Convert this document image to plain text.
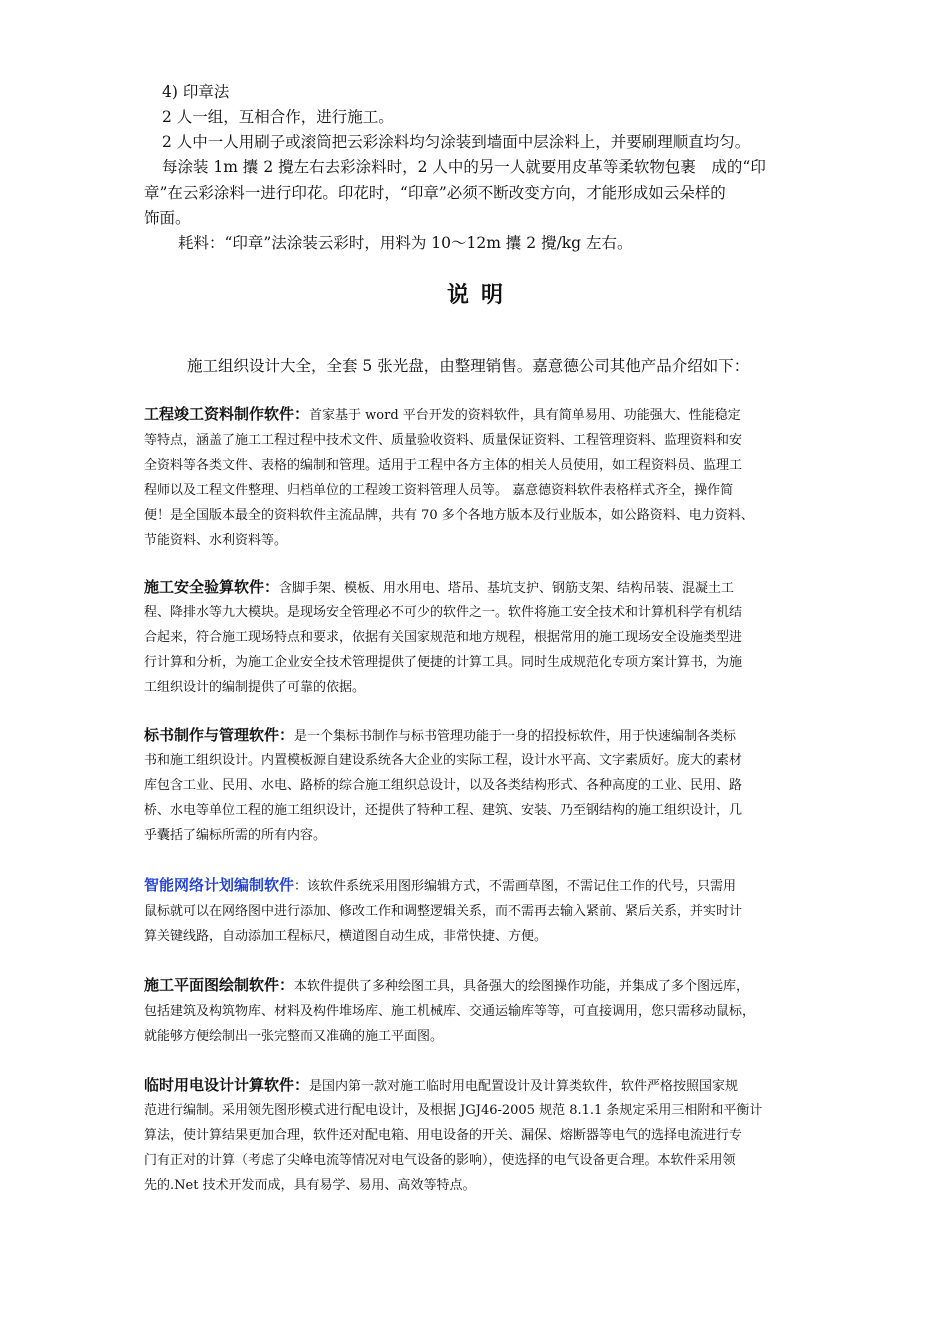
4) 印章法
2 人一组，互相合作，进行施工。
2 人中一人用刷子或滚筒把云彩涂料均匀涂装到墙面中层涂料上，并要刷理顺直均匀。
每涂装 1m 攮 2 攪左右去彩涂料时，2 人中的另一人就要用皮革等柔软物包裹　成的“印
章”在云彩涂料一进行印花。印花时，“印章”必须不断改变方向，才能形成如云朵样的
饰面。
耗料：“印章”法涂装云彩时，用料为 10～12m 攮 2 攪/kg 左右。
说明
施工组织设计大全，全套 5 张光盘，由整理销售。嘉意德公司其他产品介绍如下：
工程竣工资料制作软件：首家基于 word 平台开发的资料软件，具有简单易用、功能强大、性能稳定
等特点，涵盖了施工工程过程中技术文件、质量验收资料、质量保证资料、工程管理资料、监理资料和安
全资料等各类文件、表格的编制和管理。适用于工程中各方主体的相关人员使用，如工程资料员、监理工
程师以及工程文件整理、归档单位的工程竣工资料管理人员等。 嘉意德资料软件表格样式齐全，操作简
便！是全国版本最全的资料软件主流品牌，共有 70 多个各地方版本及行业版本，如公路资料、电力资料、
节能资料、水利资料等。
施工安全验算软件：含脚手架、模板、用水用电、塔吊、基坑支护、钢筋支架、结构吊装、混凝土工
程、降排水等九大模块。是现场安全管理必不可少的软件之一。软件将施工安全技术和计算机科学有机结
合起来，符合施工现场特点和要求，依据有关国家规范和地方规程，根据常用的施工现场安全设施类型进
行计算和分析，为施工企业安全技术管理提供了便捷的计算工具。同时生成规范化专项方案计算书，为施
工组织设计的编制提供了可靠的依据。
标书制作与管理软件：是一个集标书制作与标书管理功能于一身的招投标软件，用于快速编制各类标
书和施工组织设计。内置模板源自建设系统各大企业的实际工程，设计水平高、文字素质好。庞大的素材
库包含工业、民用、水电、路桥的综合施工组织总设计，以及各类结构形式、各种高度的工业、民用、路
桥、水电等单位工程的施工组织设计，还提供了特种工程、建筑、安装、乃至钢结构的施工组织设计，几
乎囊括了编标所需的所有内容。
智能网络计划编制软件：该软件系统采用图形编辑方式，不需画草图，不需记住工作的代号，只需用
鼠标就可以在网络图中进行添加、修改工作和调整逻辑关系，而不需再去输入紧前、紧后关系，并实时计
算关键线路，自动添加工程标尺，横道图自动生成，非常快捷、方便。
施工平面图绘制软件：本软件提供了多种绘图工具，具备强大的绘图操作功能，并集成了多个图远库，
包括建筑及构筑物库、材料及构件堆场库、施工机械库、交通运输库等等，可直接调用，您只需移动鼠标，
就能够方便绘制出一张完整而又准确的施工平面图。
临时用电设计计算软件：是国内第一款对施工临时用电配置设计及计算类软件，软件严格按照国家规
范进行编制。采用领先图形模式进行配电设计，及根据 JGJ46-2005 规范 8.1.1 条规定采用三相附和平衡计
算法，使计算结果更加合理，软件还对配电箱、用电设备的开关、漏保、熔断器等电气的选择电流进行专
门有正对的计算（考虑了尖峰电流等情况对电气设备的影响），使选择的电气设备更合理。本软件采用领
先的.Net 技术开发而成，具有易学、易用、高效等特点。
